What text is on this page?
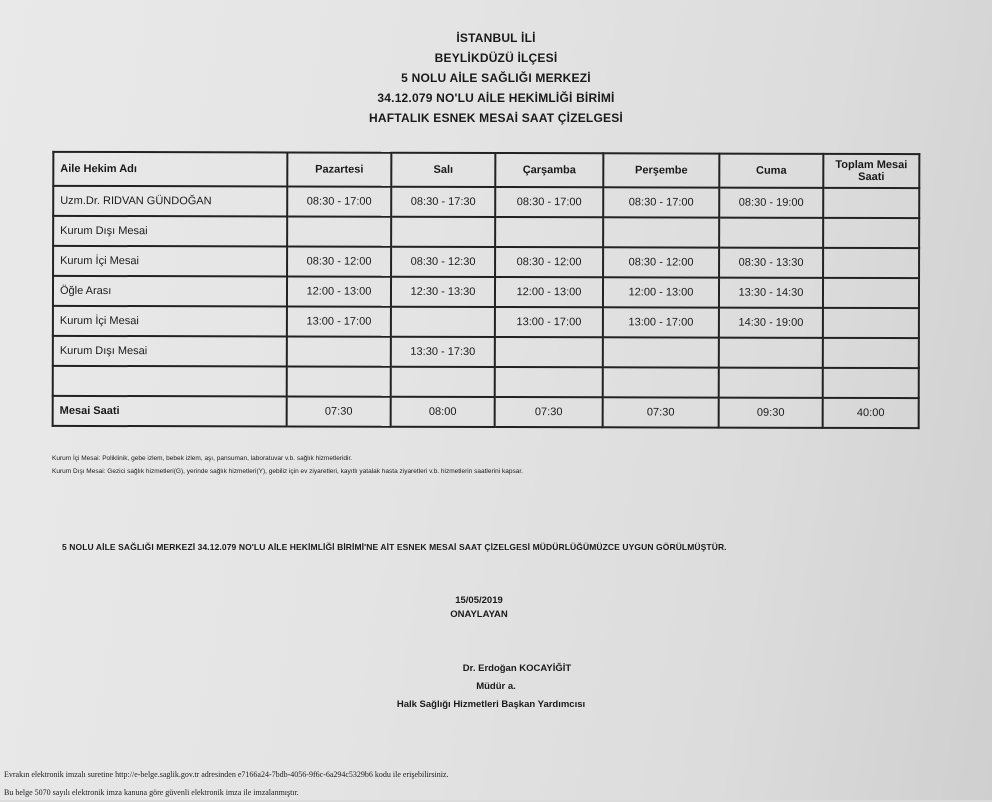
İSTANBUL İLİ
BEYLİKDÜZÜ İLÇESİ
5 NOLU AİLE SAĞLIĞI MERKEZİ
34.12.079 NO'LU AİLE HEKİMLİĞİ BİRİMİ
HAFTALIK ESNEK MESAİ SAAT ÇİZELGESİ
Aile Hekim Adı	Pazartesi	Salı	Çarşamba	Perşembe	Cuma	Toplam Mesai Saati
Uzm.Dr. RIDVAN GÜNDOĞAN	08:30 - 17:00	08:30 - 17:30	08:30 - 17:00	08:30 - 17:00	08:30 - 19:00	
Kurum Dışı Mesai						
Kurum İçi Mesai	08:30 - 12:00	08:30 - 12:30	08:30 - 12:00	08:30 - 12:00	08:30 - 13:30	
Öğle Arası	12:00 - 13:00	12:30 - 13:30	12:00 - 13:00	12:00 - 13:00	13:30 - 14:30	
Kurum İçi Mesai	13:00 - 17:00		13:00 - 17:00	13:00 - 17:00	14:30 - 19:00	
Kurum Dışı Mesai		13:30 - 17:30				

Mesai Saati	07:30	08:00	07:30	07:30	09:30	40:00
Kurum İçi Mesai: Poliklinik, gebe izlem, bebek izlem, aşı, pansuman, laboratuvar v.b. sağlık hizmetleridir.
Kurum Dışı Mesai: Gezici sağlık hizmetleri(G), yerinde sağlık hizmetleri(Y), gebiliz için ev ziyaretleri, kayıtlı yatalak hasta ziyaretleri v.b. hizmetlerin saatlerini kapsar.
5 NOLU AİLE SAĞLIĞI MERKEZİ 34.12.079 NO'LU AİLE HEKİMLİĞİ BİRİMİ'NE AİT ESNEK MESAİ SAAT ÇİZELGESİ MÜDÜRLÜĞÜMÜZCE UYGUN GÖRÜLMÜŞTÜR.
15/05/2019
ONAYLAYAN
Dr. Erdoğan KOCAYİĞİT
Müdür a.
Halk Sağlığı Hizmetleri Başkan Yardımcısı
Evrakın elektronik imzalı suretine http://e-belge.saglik.gov.tr adresinden e7166a24-7bdb-4056-9f6c-6a294c5329b6 kodu ile erişebilirsiniz.
Bu belge 5070 sayılı elektronik imza kanuna göre güvenli elektronik imza ile imzalanmıştır.
